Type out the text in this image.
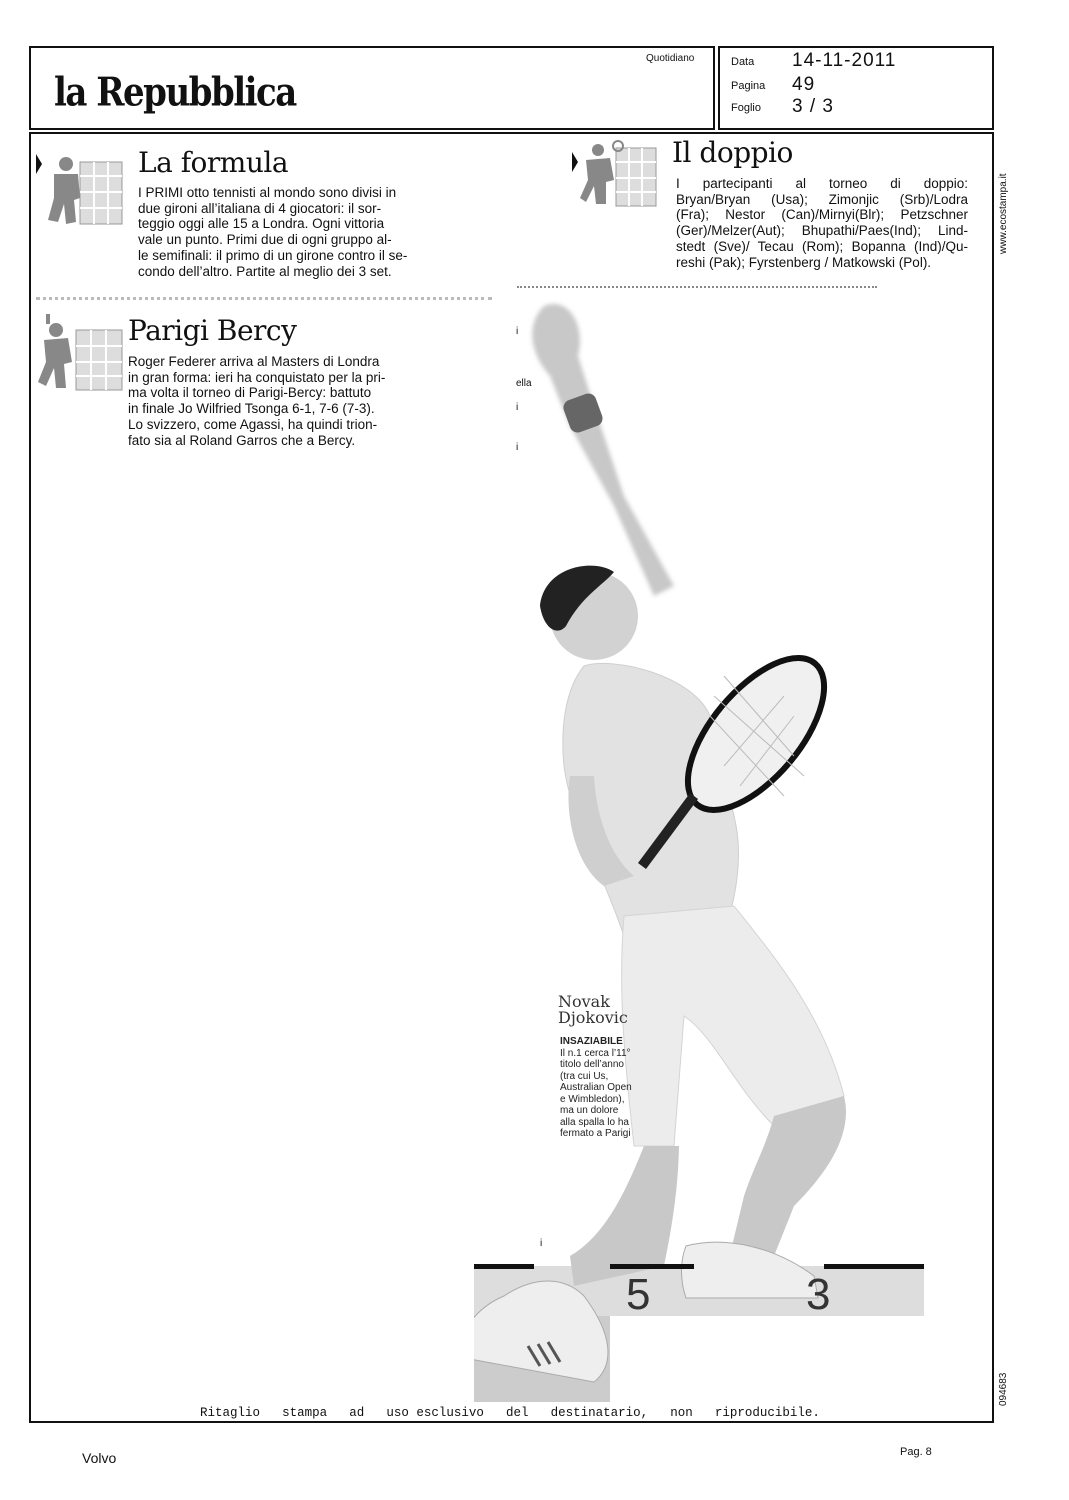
la Repubblica
Quotidiano	Data 14-11-2011
Pagina 49
Foglio 3 / 3
La formula
I PRIMI otto tennisti al mondo sono divisi in
due gironi all’italiana di 4 giocatori: il sor-
teggio oggi alle 15 a Londra. Ogni vittoria
vale un punto. Primi due di ogni gruppo al-
le semifinali: il primo di un girone contro il se-
condo dell’altro. Partite al meglio dei 3 set.
Il doppio
I partecipanti al torneo di doppio:
Bryan/Bryan (Usa); Zimonjic (Srb)/Lodra
(Fra); Nestor (Can)/Mirnyi(Blr); Petzschner
(Ger)/Melzer(Aut); Bhupathi/Paes(Ind); Lind-
stedt (Sve)/ Tecau (Rom); Bopanna (Ind)/Qu-
reshi (Pak); Fyrstenberg / Matkowski (Pol).
Parigi Bercy
Roger Federer arriva al Masters di Londra
in gran forma: ieri ha conquistato per la pri-
ma volta il torneo di Parigi-Bercy: battuto
in finale Jo Wilfried Tsonga 6-1, 7-6 (7-3).
Lo svizzero, come Agassi, ha quindi trion-
fato sia al Roland Garros che a Bercy.
i
ella
i
i
i
Novak
Djokovic
INSAZIABILE
Il n.1 cerca l’11°
titolo dell’anno
(tra cui Us,
Australian Open
e Wimbledon),
ma un dolore
alla spalla lo ha
fermato a Parigi
5	3
www.ecostampa.it
094683
Ritaglio stampa ad uso esclusivo del destinatario, non riproducibile.
Volvo	Pag. 8
